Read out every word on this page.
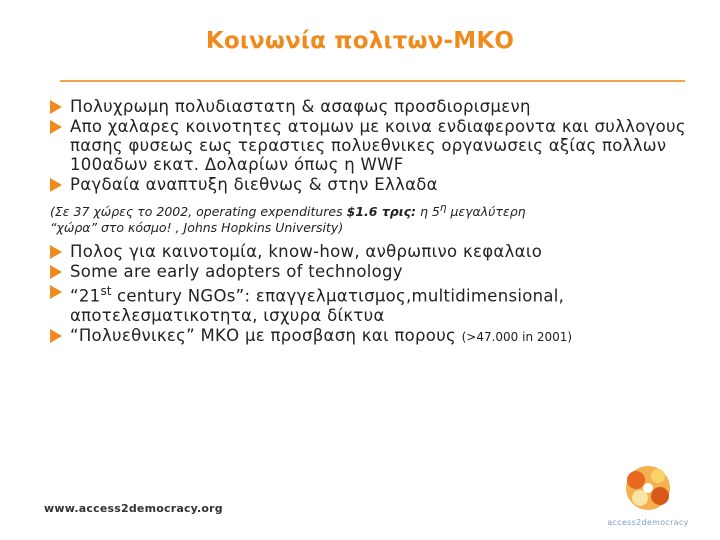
Κοινωνία πολιτων-ΜΚΟ
Πολυχρωμη πολυδιαστατη & ασαφως προσδιορισμενη
Απο χαλαρες κοινοτητες ατομων με κοινα ενδιαφεροντα και συλλογους πασης φυσεως εως τεραστιες πολυεθνικες οργανωσεις αξίας πολλων 100αδων εκατ. Δολαρίων όπως η WWF
Ραγδαία αναπτυξη διεθνως & στην Ελλαδα
(Σε 37 χώρες το 2002, operating expenditures $1.6 τρις: η $5^\eta$ μεγαλύτερη
“χώρα” στο κόσμο! , Johns Hopkins University)
Πολος για καινοτομία, know-how, ανθρωπινο κεφαλαιο
Some are early adopters of technology
“21st century NGOs”: επαγγελματισμος,multidimensional, αποτελεσματικοτητα, ισχυρα δίκτυα
“Πολυεθνικες” ΜΚΟ με προσβαση και πορους (>47.000 in 2001)
www.access2democracy.org
access2democracy
